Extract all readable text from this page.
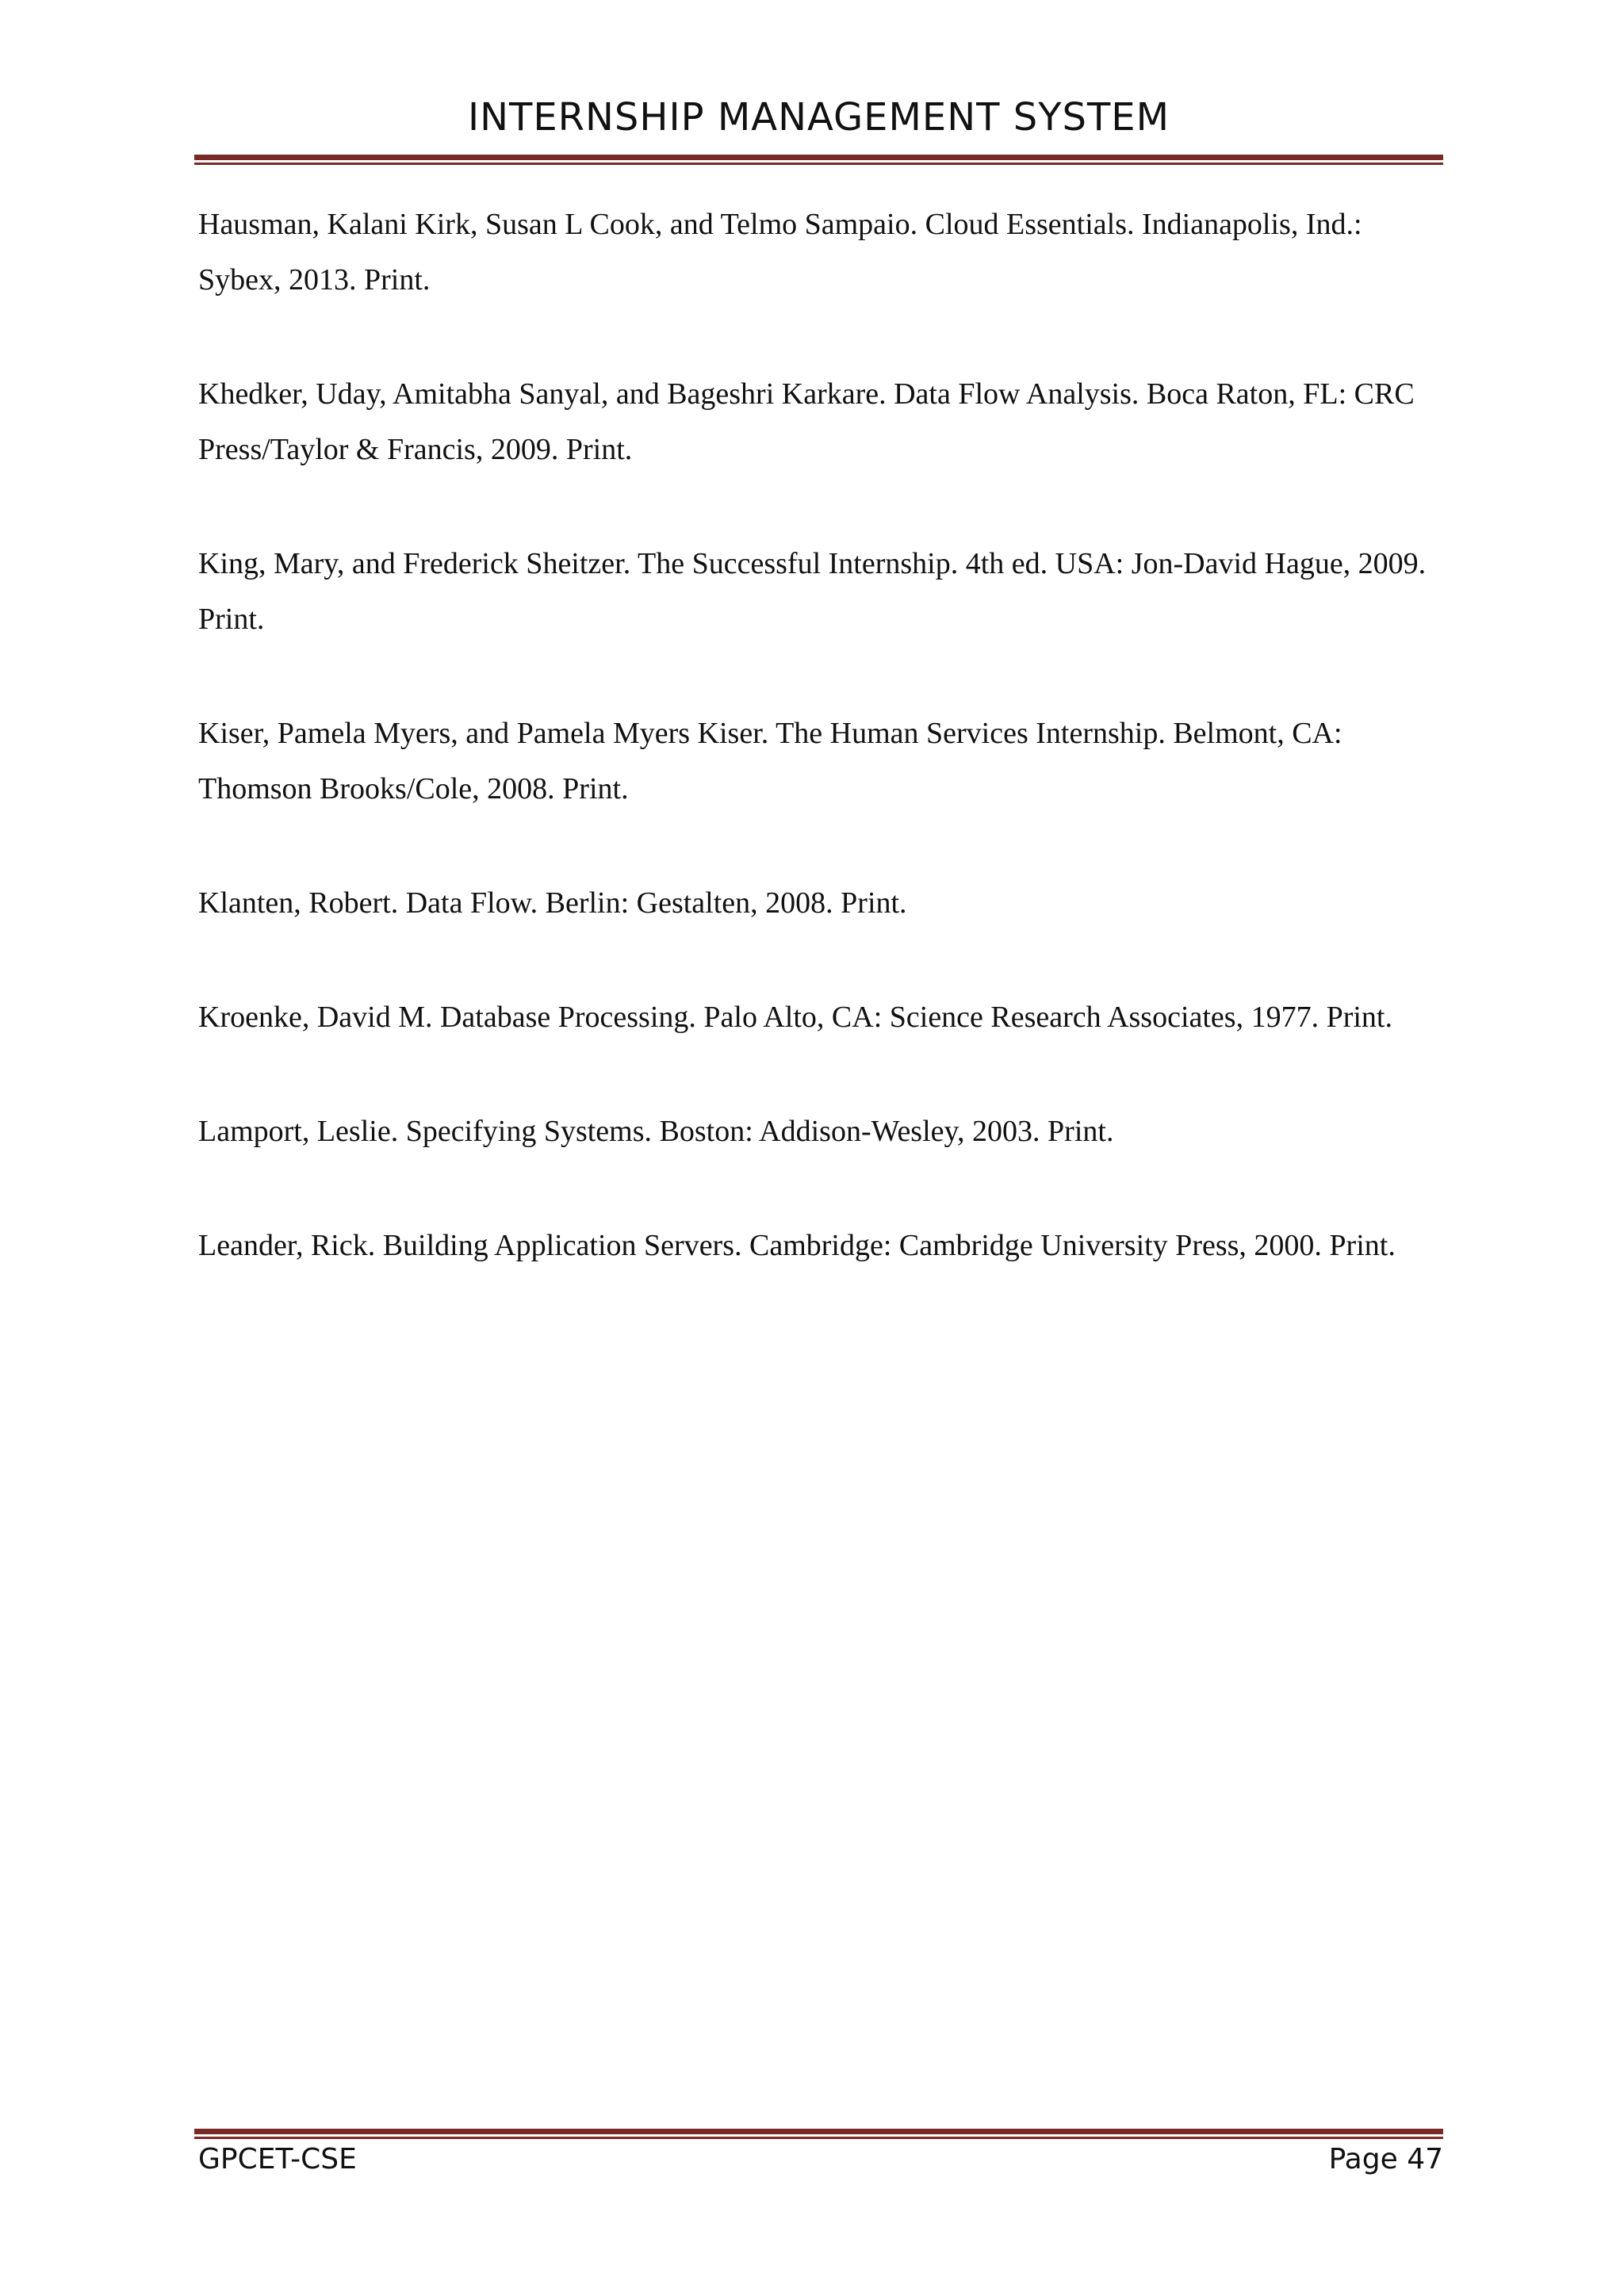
INTERNSHIP MANAGEMENT SYSTEM
Hausman, Kalani Kirk, Susan L Cook, and Telmo Sampaio. Cloud Essentials. Indianapolis, Ind.: Sybex, 2013. Print.
Khedker, Uday, Amitabha Sanyal, and Bageshri Karkare. Data Flow Analysis. Boca Raton, FL: CRC Press/Taylor & Francis, 2009. Print.
King, Mary, and Frederick Sheitzer. The Successful Internship. 4th ed. USA: Jon-David Hague, 2009. Print.
Kiser, Pamela Myers, and Pamela Myers Kiser. The Human Services Internship. Belmont, CA: Thomson Brooks/Cole, 2008. Print.
Klanten, Robert. Data Flow. Berlin: Gestalten, 2008. Print.
Kroenke, David M. Database Processing. Palo Alto, CA: Science Research Associates, 1977. Print.
Lamport, Leslie. Specifying Systems. Boston: Addison-Wesley, 2003. Print.
Leander, Rick. Building Application Servers. Cambridge: Cambridge University Press, 2000. Print.
GPCET-CSE	Page 47
